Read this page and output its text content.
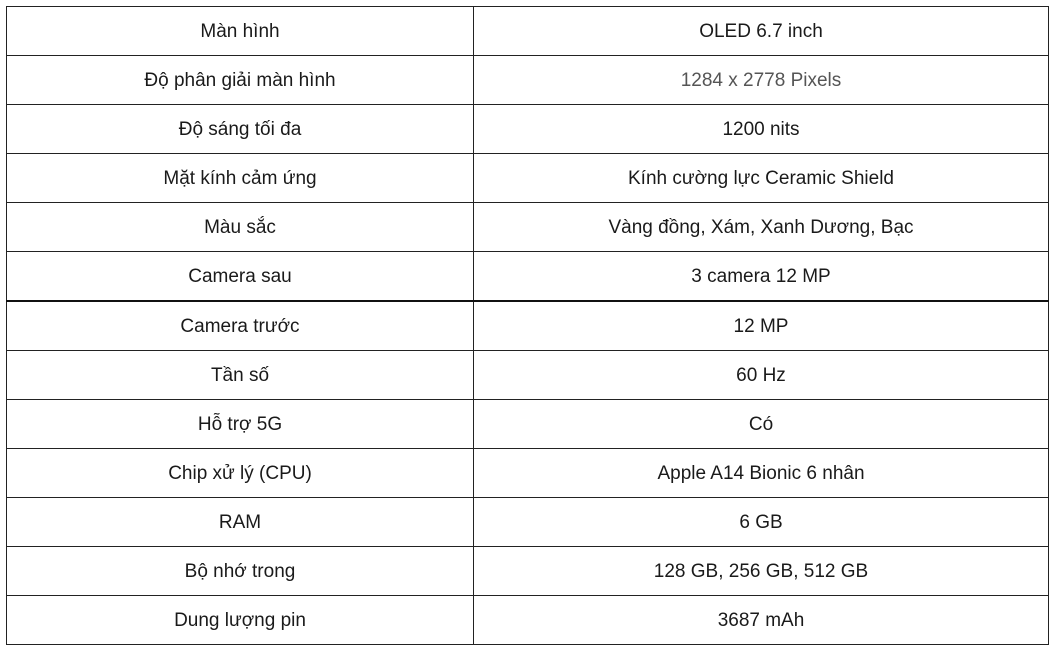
Màn hình	OLED 6.7 inch
Độ phân giải màn hình	1284 x 2778 Pixels
Độ sáng tối đa	1200 nits
Mặt kính cảm ứng	Kính cường lực Ceramic Shield
Màu sắc	Vàng đồng, Xám, Xanh Dương, Bạc
Camera sau	3 camera 12 MP
Camera trước	12 MP
Tần số	60 Hz
Hỗ trợ 5G	Có
Chip xử lý (CPU)	Apple A14 Bionic 6 nhân
RAM	6 GB
Bộ nhớ trong	128 GB, 256 GB, 512 GB
Dung lượng pin	3687 mAh
